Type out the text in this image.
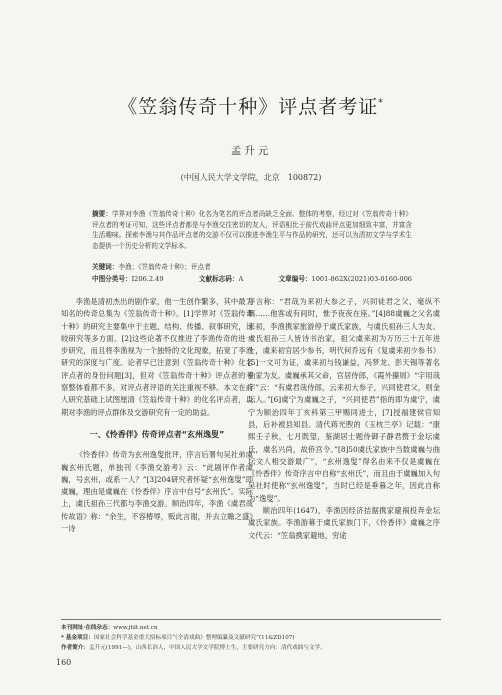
《笠翁传奇十种》评点者考证*
孟升元
(中国人民大学文学院，北京　100872)
摘要：学界对李渔《笠翁传奇十种》化名为笔名的评点者尚缺乏全面、整体的考察，经过对《笠翁传奇十种》评点者的考证可知，这些评点者都是与李渔交往密切的友人，评语相比于前代戏曲评点更加细致丰富，并富含生活趣味。探索李渔与其作品评点者的交游不仅可以推进李渔生平与作品的研究，还可以为清初文学与学术生态提供一个历史分析的文学标本。
关键词：李渔；《笠翁传奇十种》；评点者
中图分类号：I206.2.49	文献标志码：A	文章编号：1001-862X(2021)03-0160-006

李渔是清初杰出的剧作家，他一生创作繁多，其中最为知名的传奇总集为《笠翁传奇十种》。[1]学界对《笠翁传奇十种》的研究主要集中于主题、结构、传播、叙事研究，比较研究等多方面。[2]这些论著不仅推进了李渔传奇的进一步研究，而且将李渔视为一个独特的文化现象，拓宽了李渔研究的深度与广度。论者早已注意到《笠翁传奇十种》化名评点者的身份问题[3]，但对《笠翁传奇十种》评点者的考察整体看都不多，对评点者评语的关注重视不够。本文在前人研究基础上试图厘清《笠翁传奇十种》的化名评点者，以期对李渔的评点群体及交游研究有一定的助益。

一、《怜香伴》传奇评点者“玄州逸叟”

《怜香伴》传奇为玄州逸叟批评，序言后署句吴社弟虞巍玄州氏题，单独刊《李渔交游考》云：“此剧评作者虞巍，号玄州，或系一人？”[3]204研究者怀疑“玄州逸叟”即虞巍，理由是虞巍在《怜香伴》序言中自号“玄州氏”。实际上，虞氏祖孙三代都与李渔交游。顺治四年，李渔《虞君哉传故语》称：“余生，不容椿辱，贩此言谢，并去立瞻之盛》一诗

序言称：“君哉为来初大参之子，兴同徒君之父，毫纵不羁……他客或有间时，惟予夜夜在座。”[4]88虞巍之父名虞来初，李渔携家旅游停于虞氏家族，与虞氏祖孙三人为友。虞氏祖孙三人皆诗书治家，祖父虞来初为万历三十五年进士，虞来初官居少参书，明代何乔远有《复虞来初少参书》[5]一文可为证，虞来初与钱谦益，冯梦龙、彭天锡等著名曲家为友。虞巍承其父命，官居侍郎，《霞外攥屑》“字用哉字”云：“有虞君哉侍郎，云来初大参子，兴同使君父，则金坛人。”[6]虞宁为虞巍之子，“兴同使君”指的即为虞宁，虞宁为顺治四年丁亥科第三甲赐同进士，[7]授福建侯官知县，后补被县知县。清代蒋光煦的《玉枕兰亭》记载：“康熙壬子秋，七月既望，鉴湖居士题侍御子静君赘于金坛虞氏，虞名兴尚，故侨宫令。”[8]50虞氏家族中当数虞巍与曲坛文人相交游最广”，“玄州逸叟”得名由来不仅是虞巍在《怜香伴》传奇序言中自称“玄州氏”，而且由于虞巍加入句吴社时使称“玄州逸叟”，当时已经是垂暮之年，因此自称为“逸叟”。

顺治四年(1647)，李渔因经济拮据携家避祸投奔金坛虞氏家族。李渔游幕于虞氏家族门下，《怜香伴》虞巍之序文代云：“笠翁携家避地，穷途

本刊网址·在线杂志：www.jhlt.net.cn
* 基金项目：国家社会科学基金重大招标项目“《全清戏曲》整理编纂及文献研究”(11&ZD107)
作者简介：孟升元(1991—)，山西长治人，中国人民大学文学院博士生，主要研究方向：清代戏曲与文学。
160
